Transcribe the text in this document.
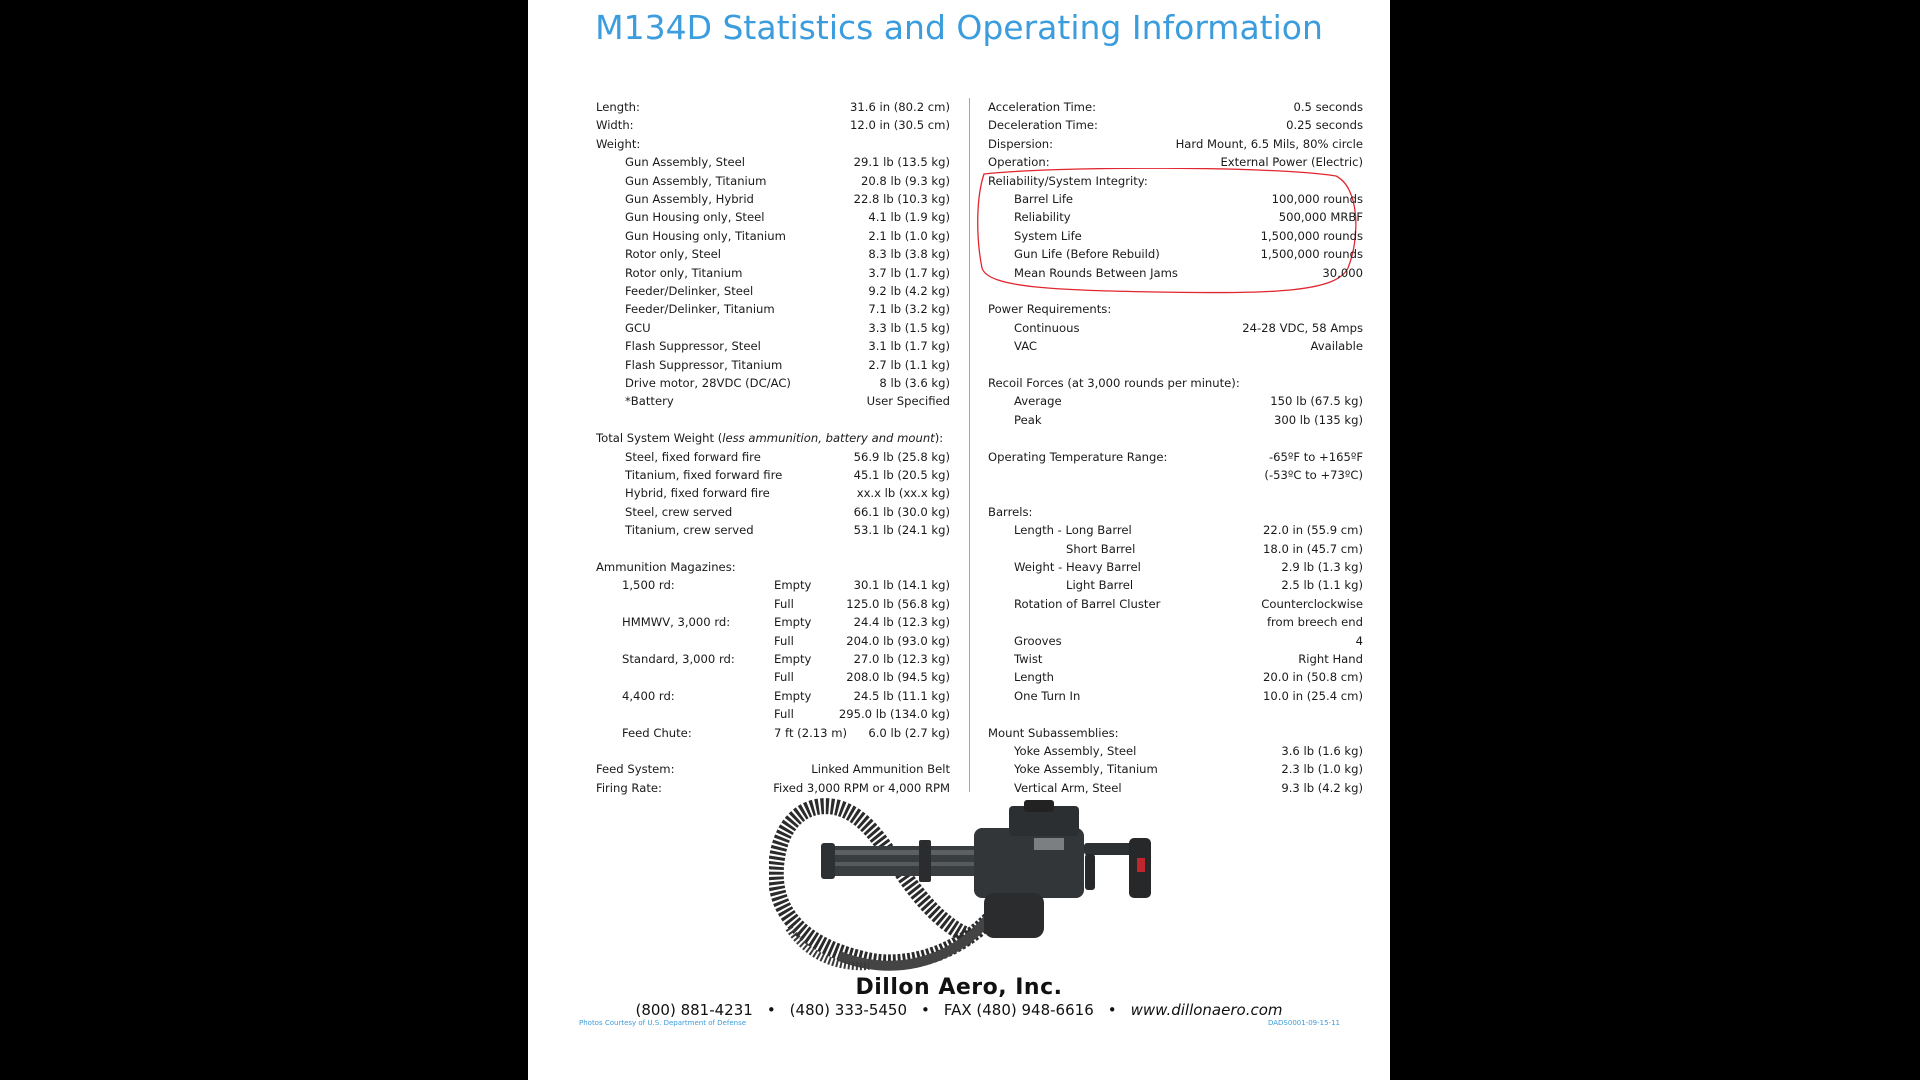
M134D Statistics and Operating Information
Dillon Aero, Inc.
(800) 881-4231 • (480) 333-5450 • FAX (480) 948-6616 • www.dillonaero.com
Photos Courtesy of U.S. Department of Defense	DADS0001-09-15-11
Length:	31.6 in (80.2 cm)
Width:	12.0 in (30.5 cm)
Weight:
Gun Assembly, Steel	29.1 lb (13.5 kg)
Gun Assembly, Titanium	20.8 lb (9.3 kg)
Gun Assembly, Hybrid	22.8 lb (10.3 kg)
Gun Housing only, Steel	4.1 lb (1.9 kg)
Gun Housing only, Titanium	2.1 lb (1.0 kg)
Rotor only, Steel	8.3 lb (3.8 kg)
Rotor only, Titanium	3.7 lb (1.7 kg)
Feeder/Delinker, Steel	9.2 lb (4.2 kg)
Feeder/Delinker, Titanium	7.1 lb (3.2 kg)
GCU	3.3 lb (1.5 kg)
Flash Suppressor, Steel	3.1 lb (1.7 kg)
Flash Suppressor, Titanium	2.7 lb (1.1 kg)
Drive motor, 28VDC (DC/AC)	8 lb (3.6 kg)
*Battery	User Specified
Total System Weight (less ammunition, battery and mount):
Steel, fixed forward fire	56.9 lb (25.8 kg)
Titanium, fixed forward fire	45.1 lb (20.5 kg)
Hybrid, fixed forward fire	xx.x lb (xx.x kg)
Steel, crew served	66.1 lb (30.0 kg)
Titanium, crew served	53.1 lb (24.1 kg)
Ammunition Magazines:
1,500 rd:	Empty	30.1 lb (14.1 kg)
Full	125.0 lb (56.8 kg)
HMMWV, 3,000 rd:	Empty	24.4 lb (12.3 kg)
Full	204.0 lb (93.0 kg)
Standard, 3,000 rd:	Empty	27.0 lb (12.3 kg)
Full	208.0 lb (94.5 kg)
4,400 rd:	Empty	24.5 lb (11.1 kg)
Full	295.0 lb (134.0 kg)
Feed Chute:	7 ft (2.13 m) 6.0 lb (2.7 kg)
Feed System:	Linked Ammunition Belt
Firing Rate:	Fixed 3,000 RPM or 4,000 RPM
Acceleration Time:	0.5 seconds
Deceleration Time:	0.25 seconds
Dispersion:	Hard Mount, 6.5 Mils, 80% circle
Operation:	External Power (Electric)
Reliability/System Integrity:
Barrel Life	100,000 rounds
Reliability	500,000 MRBF
System Life	1,500,000 rounds
Gun Life (Before Rebuild)	1,500,000 rounds
Mean Rounds Between Jams	30,000
Power Requirements:
Continuous	24-28 VDC, 58 Amps
VAC	Available
Recoil Forces (at 3,000 rounds per minute):
Average	150 lb (67.5 kg)
Peak	300 lb (135 kg)
Operating Temperature Range:	-65ºF to +165ºF
(-53ºC to +73ºC)
Barrels:
Length - Long Barrel	22.0 in (55.9 cm)
Short Barrel	18.0 in (45.7 cm)
Weight - Heavy Barrel	2.9 lb (1.3 kg)
Light Barrel	2.5 lb (1.1 kg)
Rotation of Barrel Cluster	Counterclockwise
from breech end
Grooves	4
Twist	Right Hand
Length	20.0 in (50.8 cm)
One Turn In	10.0 in (25.4 cm)
Mount Subassemblies:
Yoke Assembly, Steel	3.6 lb (1.6 kg)
Yoke Assembly, Titanium	2.3 lb (1.0 kg)
Vertical Arm, Steel	9.3 lb (4.2 kg)
